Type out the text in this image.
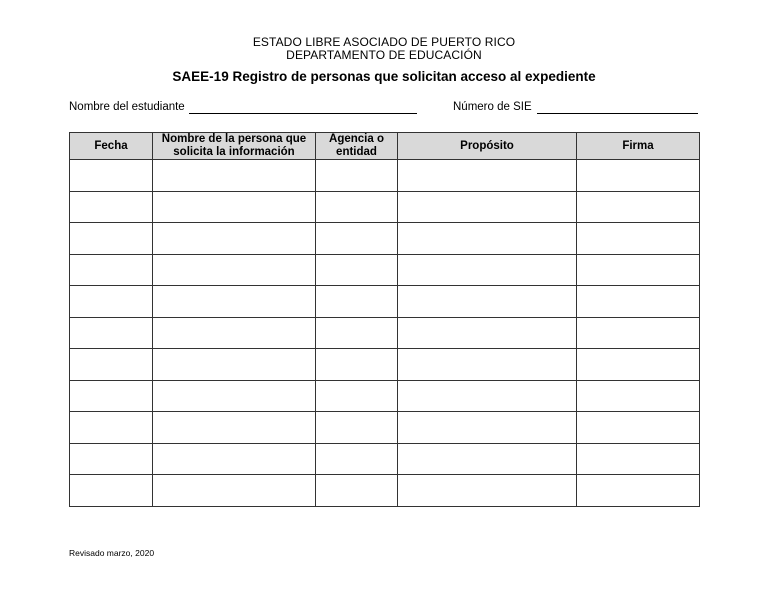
ESTADO LIBRE ASOCIADO DE PUERTO RICO
DEPARTAMENTO DE EDUCACIÓN
SAEE-19 Registro de personas que solicitan acceso al expediente
Nombre del estudiante	Número de SIE
Fecha	Nombre de la persona que solicita la información	Agencia o entidad	Propósito	Firma

Revisado marzo, 2020
